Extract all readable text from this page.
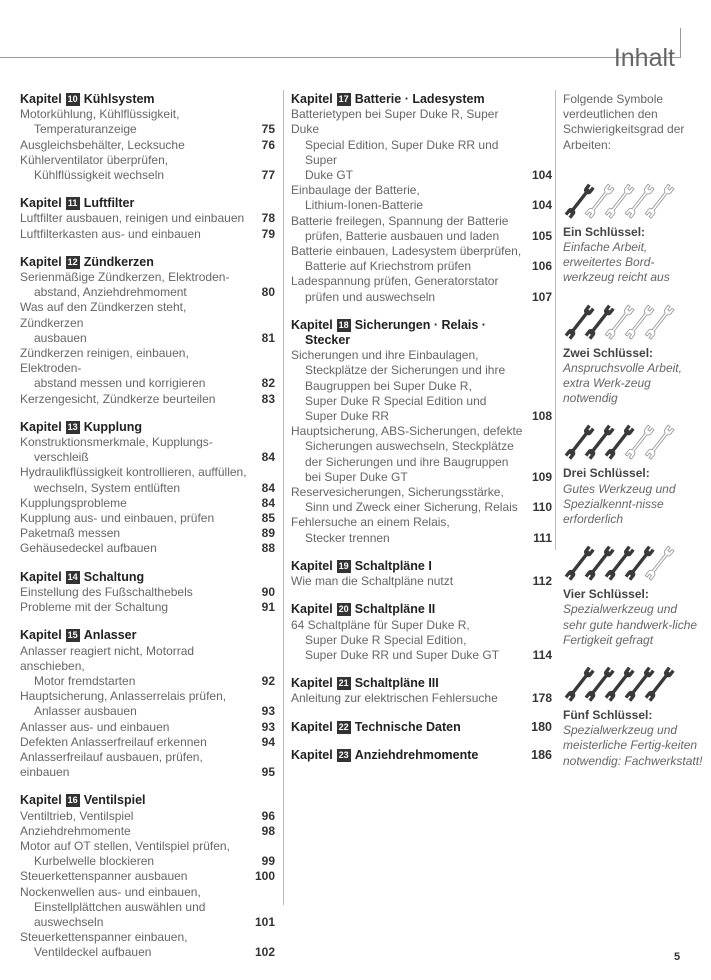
Inhalt
Kapitel 10 Kühlsystem
Motorkühlung, Kühlflüssigkeit,
Temperaturanzeige	75
Ausgleichsbehälter, Lecksuche	76
Kühlerventilator überprüfen,
Kühlflüssigkeit wechseln	77
Kapitel 11 Luftfilter
Luftfilter ausbauen, reinigen und einbauen	78
Luftfilterkasten aus- und einbauen	79
Kapitel 12 Zündkerzen
Serienmäßige Zündkerzen, Elektroden-
abstand, Anziehdrehmoment	80
Was auf den Zündkerzen steht, Zündkerzen
ausbauen	81
Zündkerzen reinigen, einbauen, Elektroden-
abstand messen und korrigieren	82
Kerzengesicht, Zündkerze beurteilen	83
Kapitel 13 Kupplung
Konstruktionsmerkmale, Kupplungs-
verschleiß	84
Hydraulikflüssigkeit kontrollieren, auffüllen,
wechseln, System entlüften	84
Kupplungsprobleme	84
Kupplung aus- und einbauen, prüfen	85
Paketmaß messen	89
Gehäusedeckel aufbauen	88
Kapitel 14 Schaltung
Einstellung des Fußschalthebels	90
Probleme mit der Schaltung	91
Kapitel 15 Anlasser
Anlasser reagiert nicht, Motorrad anschieben,
Motor fremdstarten	92
Hauptsicherung, Anlasserrelais prüfen,
Anlasser ausbauen	93
Anlasser aus- und einbauen	93
Defekten Anlasserfreilauf erkennen	94
Anlasserfreilauf ausbauen, prüfen, einbauen	95
Kapitel 16 Ventilspiel
Ventiltrieb, Ventilspiel	96
Anziehdrehmomente	98
Motor auf OT stellen, Ventilspiel prüfen,
Kurbelwelle blockieren	99
Steuerkettenspanner ausbauen	100
Nockenwellen aus- und einbauen,
Einstellplättchen auswählen und
auswechseln	101
Steuerkettenspanner einbauen,
Ventildeckel aufbauen	102
Kapitel 17 Batterie · Ladesystem
Batterietypen bei Super Duke R, Super Duke
Special Edition, Super Duke RR und Super
Duke GT	104
Einbaulage der Batterie,
Lithium-Ionen-Batterie	104
Batterie freilegen, Spannung der Batterie
prüfen, Batterie ausbauen und laden	105
Batterie einbauen, Ladesystem überprüfen,
Batterie auf Kriechstrom prüfen	106
Ladespannung prüfen, Generatorstator
prüfen und auswechseln	107
Kapitel 18 Sicherungen · Relais ·
Stecker
Sicherungen und ihre Einbaulagen,
Steckplätze der Sicherungen und ihre
Baugruppen bei Super Duke R,
Super Duke R Special Edition und
Super Duke RR	108
Hauptsicherung, ABS-Sicherungen, defekte
Sicherungen auswechseln, Steckplätze
der Sicherungen und ihre Baugruppen
bei Super Duke GT	109
Reservesicherungen, Sicherungsstärke,
Sinn und Zweck einer Sicherung, Relais	110
Fehlersuche an einem Relais,
Stecker trennen	111
Kapitel 19 Schaltpläne I
Wie man die Schaltpläne nutzt	112
Kapitel 20 Schaltpläne II
64 Schaltpläne für Super Duke R,
Super Duke R Special Edition,
Super Duke RR und Super Duke GT	114
Kapitel 21 Schaltpläne III
Anleitung zur elektrischen Fehlersuche	178
Kapitel 22 Technische Daten	180
Kapitel 23 Anziehdrehmomente	186
Folgende Symbole verdeutlichen den Schwierigkeitsgrad der Arbeiten:
Ein Schlüssel:
Einfache Arbeit, erweitertes Bord-werkzeug reicht aus
Zwei Schlüssel:
Anspruchsvolle Arbeit, extra Werk-zeug notwendig
Drei Schlüssel:
Gutes Werkzeug und Spezialkennt-nisse erforderlich
Vier Schlüssel:
Spezialwerkzeug und sehr gute handwerk-liche Fertigkeit gefragt
Fünf Schlüssel:
Spezialwerkzeug und meisterliche Fertig-keiten notwendig: Fachwerkstatt!
5
